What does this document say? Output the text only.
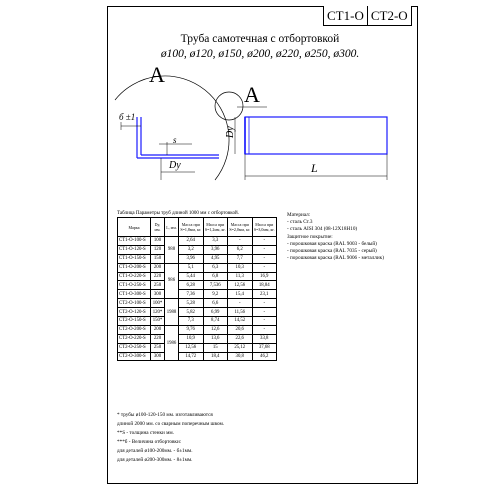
СТ1-О СТ2-О
Труба самотечная с отбортовкой
ø100, ø120, ø150, ø200, ø220, ø250, ø300.
A
б ±1
s
Dy
A
Dy
L
Таблица Параметры труб длиной 1000 мм с отбортовкой.
Марка	Dy, мм.	L, мм.	Масса при S=1,8мм, кг.	Масса при S=1,2мм, кг.	Масса при S=2,0мм, кг.	Масса при S=3,0мм, кг.
СТ1-О-100-S	100	988	2,64	3,3	-	-
СТ1-О-120-S	120		3,2	3,96	6,2	-
СТ1-О-150-S	150		3,96	4,95	7,7	-
СТ1-О-200-S	200	986	5,1	6,3	10,3	-
СТ1-О-220-S	220		5,44	6,8	11,3	16,9
СТ1-О-250-S	250		6,28	7,536	12,56	18,84
СТ1-О-300-S	300		7,36	9,2	15,4	23,1
СТ2-О-100-S	100*	1988	5,28	6,6	-	-
СТ2-О-120-S	120*		5,82	6,99	11,56	-
СТ2-О-150-S	150*		7,3	8,74	14,52	-
СТ2-О-200-S	200	1986	9,76	12,6	20,6	-
СТ2-О-220-S	220		10,9	13,6	22,6	33,8
СТ2-О-250-S	250		12,56	15	25,12	37,68
СТ2-О-300-S	300		14,72	18,4	30,8	46,2
Материал:
- сталь Ст.3
- сталь AISI 304 (08-12Х18Н10)
Защитное покрытие:
- порошковая краска (RAL 9003 - белый)
- порошковая краска (RAL 7035 - серый)
- порошковая краска (RAL 9006 - металлик)
* трубы ø100-120-150 мм. изготавливаются
длиной 2000 мм. со сварным поперечным швом.
**S - толщина стенки мм.
***б - Величина отбортовки:
для деталей ø100-200мм. - б±1мм.
для деталей ø200-300мм. - 8±1мм.
